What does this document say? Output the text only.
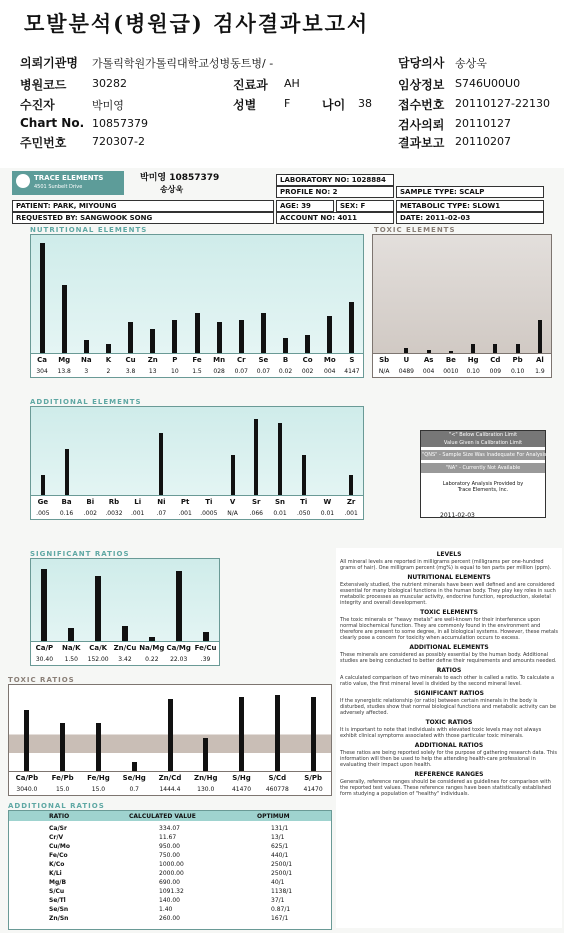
모발분석(병원급) 검사결과보고서
의뢰기관명 가톨릭학원가톨릭대학교성병동트병/ -
병원코드 30282
수진자	박미영
Chart No. 10857379
주민번호 720307-2
진료과 AH
성별	F	나이 38
담당의사 송상욱
임상정보 S746U00U0
접수번호 20110127-22130
검사의뢰 20110127
결과보고 20110207
TRACE ELEMENTS
4501 Sunbelt Drive
박미영 10857379
송상욱
LABORATORY NO: 1028884
PROFILE NO: 2	SAMPLE TYPE: SCALP
PATIENT: PARK, MIYOUNG	AGE: 39	SEX: F	METABOLIC TYPE: SLOW1
REQUESTED BY: SANGWOOK SONG	ACCOUNT NO: 4011	DATE: 2011-02-03
NUTRITIONAL ELEMENTS
Ca	Mg	Na	K	Cu	Zn	P	Fe	Mn	Cr	Se	B	Co	Mo	S
304	13.8	3	2	3.8	13	10	1.5	028	0.07	0.07	0.02	002	004	4147
TOXIC ELEMENTS
Sb	U	As	Be	Hg	Cd	Pb	Al
N/A	0489	004	0010	0.10	009	0.10	1.9
ADDITIONAL ELEMENTS
Ge	Ba	Bi	Rb	Li	Ni	Pt	Ti	V	Sr	Sn	Ti	W	Zr
.005	0.16	.002	.0032	.001	.07	.001	.0005	N/A	.066	0.01	.050	0.01	.001
"<" Below Calibration Limit
Value Given is Calibration Limit
"QNS" - Sample Size Was Inadequate For Analysis
"NA" - Currently Not Available
Laboratory Analysis Provided by
Trace Elements, Inc.
2011-02-03
SIGNIFICANT RATIOS
Ca/P	Na/K	Ca/K Zn/Cu Na/Mg Ca/Mg Fe/Cu
30.40	1.50	152.00	3.42	0.22	22.03	.39
TOXIC RATIOS
Ca/Pb	Fe/Pb	Fe/Hg	Se/Hg	Zn/Cd	Zn/Hg	S/Hg	S/Cd	S/Pb
3040.0	15.0	15.0	0.7	1444.4	130.0	41470	460778	41470
ADDITIONAL RATIOS
RATIO	CALCULATED VALUE	OPTIMUM
Ca/Sr	334.07	131/1
Cr/V	11.67	13/1
Cu/Mo	950.00	625/1
Fe/Co	750.00	440/1
K/Co	1000.00	2500/1
K/Li	2000.00	2500/1
Mg/B	690.00	40/1
S/Cu	1091.32	1138/1
Se/Tl	140.00	37/1
Se/Sn	1.40	0.87/1
Zn/Sn	260.00	167/1
LEVELS
All mineral levels are reported in milligrams percent (milligrams per one-hundred grams of hair). One milligram percent (mg%) is equal to ten parts per million (ppm).
NUTRITIONAL ELEMENTS
Extensively studied, the nutrient minerals have been well defined and are considered essential for many biological functions in the human body. They play key roles in such metabolic processes as muscular activity, endocrine function, reproduction, skeletal integrity and overall development.
TOXIC ELEMENTS
The toxic minerals or "heavy metals" are well-known for their interference upon normal biochemical function. They are commonly found in the environment and therefore are present to some degree, in all biological systems. However, these metals clearly pose a concern for toxicity when accumulation occurs to excess.
ADDITIONAL ELEMENTS
These minerals are considered as possibly essential by the human body. Additional studies are being conducted to better define their requirements and amounts needed.
RATIOS
A calculated comparison of two minerals to each other is called a ratio. To calculate a ratio value, the first mineral level is divided by the second mineral level.
SIGNIFICANT RATIOS
If the synergistic relationship (or ratio) between certain minerals in the body is disturbed, studies show that normal biological functions and metabolic activity can be adversely affected.
TOXIC RATIOS
It is important to note that individuals with elevated toxic levels may not always exhibit clinical symptoms associated with those particular toxic minerals.
ADDITIONAL RATIOS
These ratios are being reported solely for the purpose of gathering research data. This information will then be used to help the attending health-care professional in evaluating their impact upon health.
REFERENCE RANGES
Generally, reference ranges should be considered as guidelines for comparison with the reported test values. These reference ranges have been statistically established form studying a population of "healthy" individuals.
